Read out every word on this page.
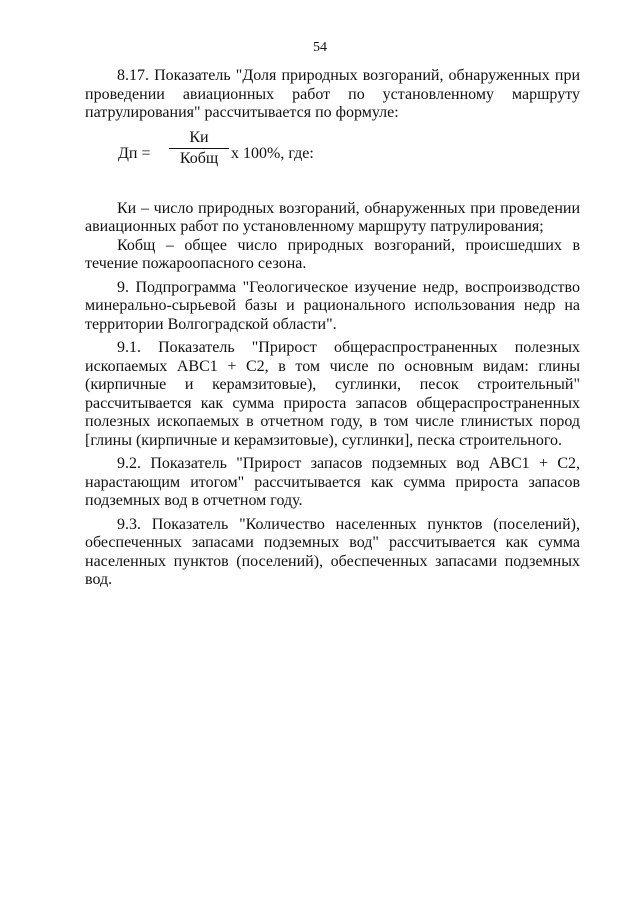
54

8.17. Показатель "Доля природных возгораний, обнаруженных при проведении авиационных работ по установленному маршруту патрулирования" рассчитывается по формуле:

Дп =
Ки
Кобщ x 100%, где:

Ки – число природных возгораний, обнаруженных при проведении авиационных работ по установленному маршруту патрулирования;

Кобщ – общее число природных возгораний, происшедших в течение пожароопасного сезона.

9. Подпрограмма "Геологическое изучение недр, воспроизводство минерально-сырьевой базы и рационального использования недр на территории Волгоградской области".

9.1. Показатель "Прирост общераспространенных полезных ископаемых АВС1 + С2, в том числе по основным видам: глины (кирпичные и керамзитовые), суглинки, песок строительный" рассчитывается как сумма прироста запасов общераспространенных полезных ископаемых в отчетном году, в том числе глинистых пород [глины (кирпичные и керамзитовые), суглинки], песка строительного.

9.2. Показатель "Прирост запасов подземных вод АВС1 + С2, нарастающим итогом" рассчитывается как сумма прироста запасов подземных вод в отчетном году.

9.3. Показатель "Количество населенных пунктов (поселений), обеспеченных запасами подземных вод" рассчитывается как сумма населенных пунктов (поселений), обеспеченных запасами подземных вод.
